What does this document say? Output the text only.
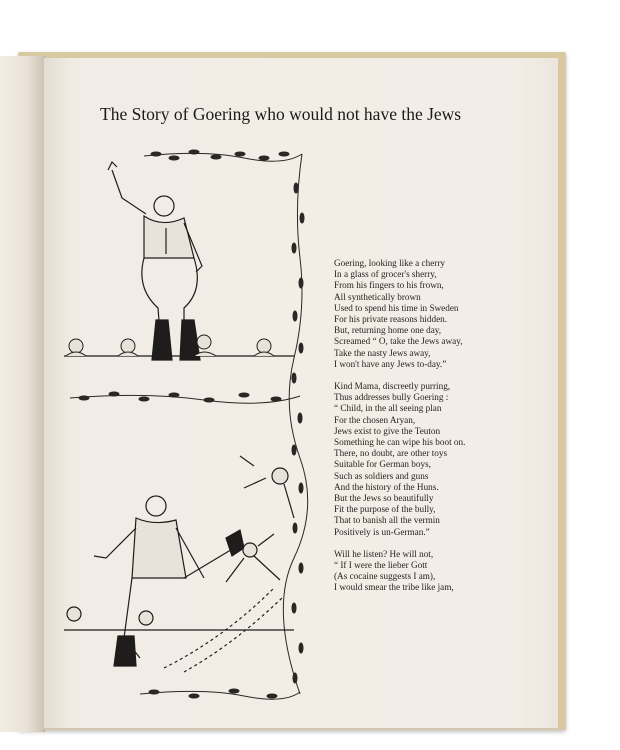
The Story of Goering who would not have the Jews
Goering, looking like a cherry
In a glass of grocer's sherry,
From his fingers to his frown,
All synthetically brown
Used to spend his time in Sweden
For his private reasons hidden.
But, returning home one day,
Screamed “ O, take the Jews away,
Take the nasty Jews away,
I won't have any Jews to-day.”
Kind Mama, discreetly purring,
Thus addresses bully Goering :
“ Child, in the all seeing plan
For the chosen Aryan,
Jews exist to give the Teuton
Something he can wipe his boot on.
There, no doubt, are other toys
Suitable for German boys,
Such as soldiers and guns
And the history of the Huns.
But the Jews so beautifully
Fit the purpose of the bully,
That to banish all the vermin
Positively is un-German.”
Will he listen? He will not,
“ If I were the lieber Gott
(As cocaine suggests I am),
I would smear the tribe like jam,
